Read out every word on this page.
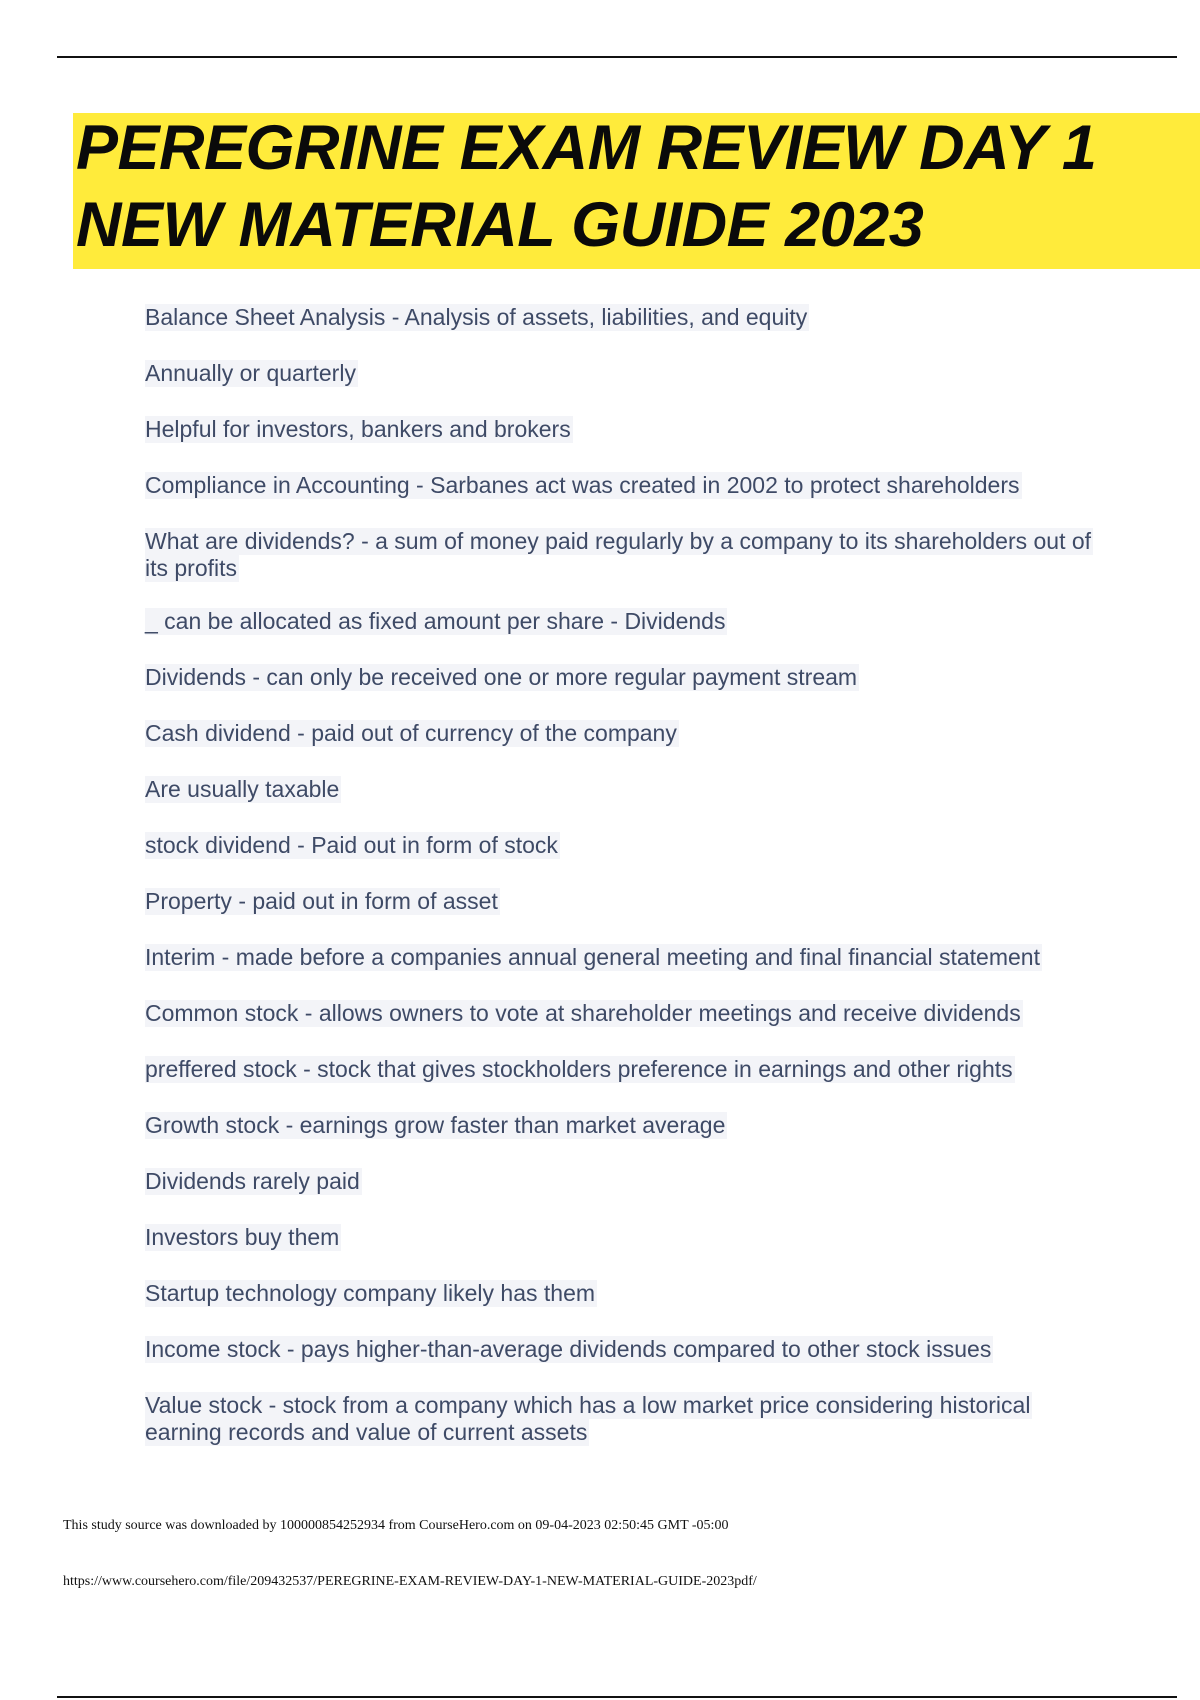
PEREGRINE EXAM REVIEW DAY 1
NEW MATERIAL GUIDE 2023
Balance Sheet Analysis - Analysis of assets, liabilities, and equity
Annually or quarterly
Helpful for investors, bankers and brokers
Compliance in Accounting - Sarbanes act was created in 2002 to protect shareholders
What are dividends? - a sum of money paid regularly by a company to its shareholders out of its profits
_ can be allocated as fixed amount per share - Dividends
Dividends - can only be received one or more regular payment stream
Cash dividend - paid out of currency of the company
Are usually taxable
stock dividend - Paid out in form of stock
Property - paid out in form of asset
Interim - made before a companies annual general meeting and final financial statement
Common stock - allows owners to vote at shareholder meetings and receive dividends
preffered stock - stock that gives stockholders preference in earnings and other rights
Growth stock - earnings grow faster than market average
Dividends rarely paid
Investors buy them
Startup technology company likely has them
Income stock - pays higher-than-average dividends compared to other stock issues
Value stock - stock from a company which has a low market price considering historical earning records and value of current assets

This study source was downloaded by 100000854252934 from CourseHero.com on 09-04-2023 02:50:45 GMT -05:00

https://www.coursehero.com/file/209432537/PEREGRINE-EXAM-REVIEW-DAY-1-NEW-MATERIAL-GUIDE-2023pdf/
